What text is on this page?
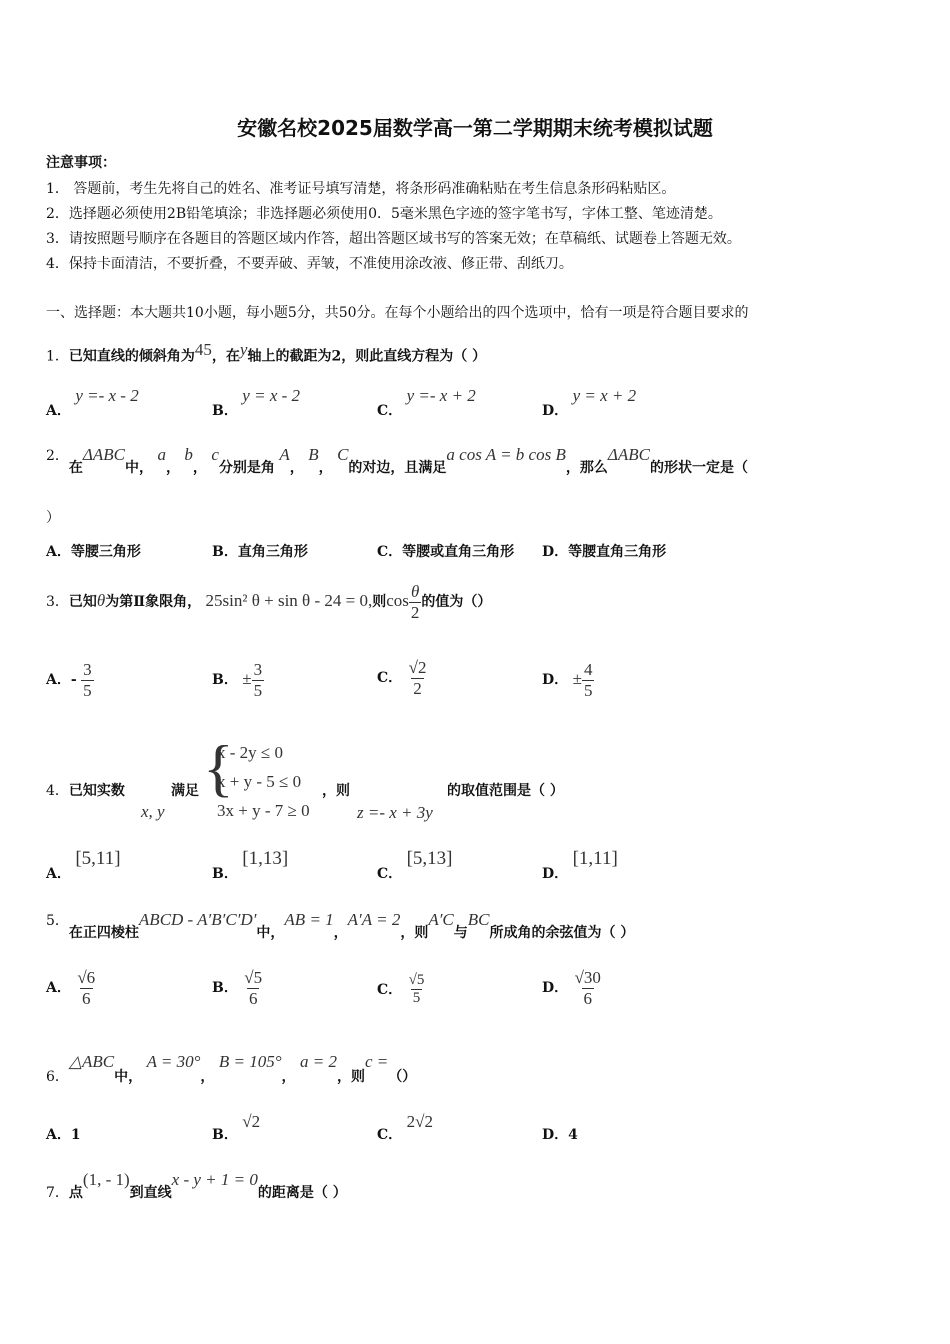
安徽名校2025届数学高一第二学期期末统考模拟试题
注意事项：
1． 答题前，考生先将自己的姓名、准考证号填写清楚，将条形码准确粘贴在考生信息条形码粘贴区。
2．选择题必须使用2B铅笔填涂；非选择题必须使用0．5毫米黑色字迹的签字笔书写，字体工整、笔迹清楚。
3．请按照题号顺序在各题目的答题区域内作答，超出答题区域书写的答案无效；在草稿纸、试题卷上答题无效。
4．保持卡面清洁，不要折叠，不要弄破、弄皱，不准使用涂改液、修正带、刮纸刀。
一、选择题：本大题共10小题，每小题5分，共50分。在每个小题给出的四个选项中，恰有一项是符合题目要求的
1．已知直线的倾斜角为$^{45}$，在$^y$轴上的截距为2，则此直线方程为（ ）
A． y =- x - 2
B． y = x - 2
C． y =- x + 2
D． y = x + 2
2．在ΔABC中， a， b， c分别是角 A， B， C的对边，且满足a cos A = b cos B，那么ΔABC的形状一定是（
）
A．等腰三角形	B．直角三角形	C．等腰或直角三角形 D．等腰直角三角形
3．已知θ为第Ⅱ象限角， 25sin² θ + sin θ - 24 = 0,则$\cos \frac{\theta}{2}$ 的值为（）
A．- $\frac{3}{5}$	B． ± $\frac{3}{5}$	C． $\frac{√2}{2}$	D． ± $\frac{4}{5}$
4．已知实数
x, y
满足 {
x - 2y ≤ 0
x + y - 5 ≤ 0
3x + y - 7 ≥ 0
，则
z =- x + 3y
的取值范围是（ ）
A． [5,11]
B． [1,13]
C． [5,13]
D． [1,11]
5．在正四棱柱ABCD - A′B′C′D′中，AB = 1，A′A = 2，则A′C与BC所成角的余弦值为（ ）
A． $\frac{√6}{6}$	B． $\frac{√5}{6}$	C． $\frac{√5}{5}$	D． $\frac{√30}{6}$
6．△ABC中， A = 30°， B = 105°， a = 2，则c =（）
A．1	B． √2
C． 2√2
D．4
7．点(1, - 1)到直线x - y + 1 = 0的距离是（ ）
